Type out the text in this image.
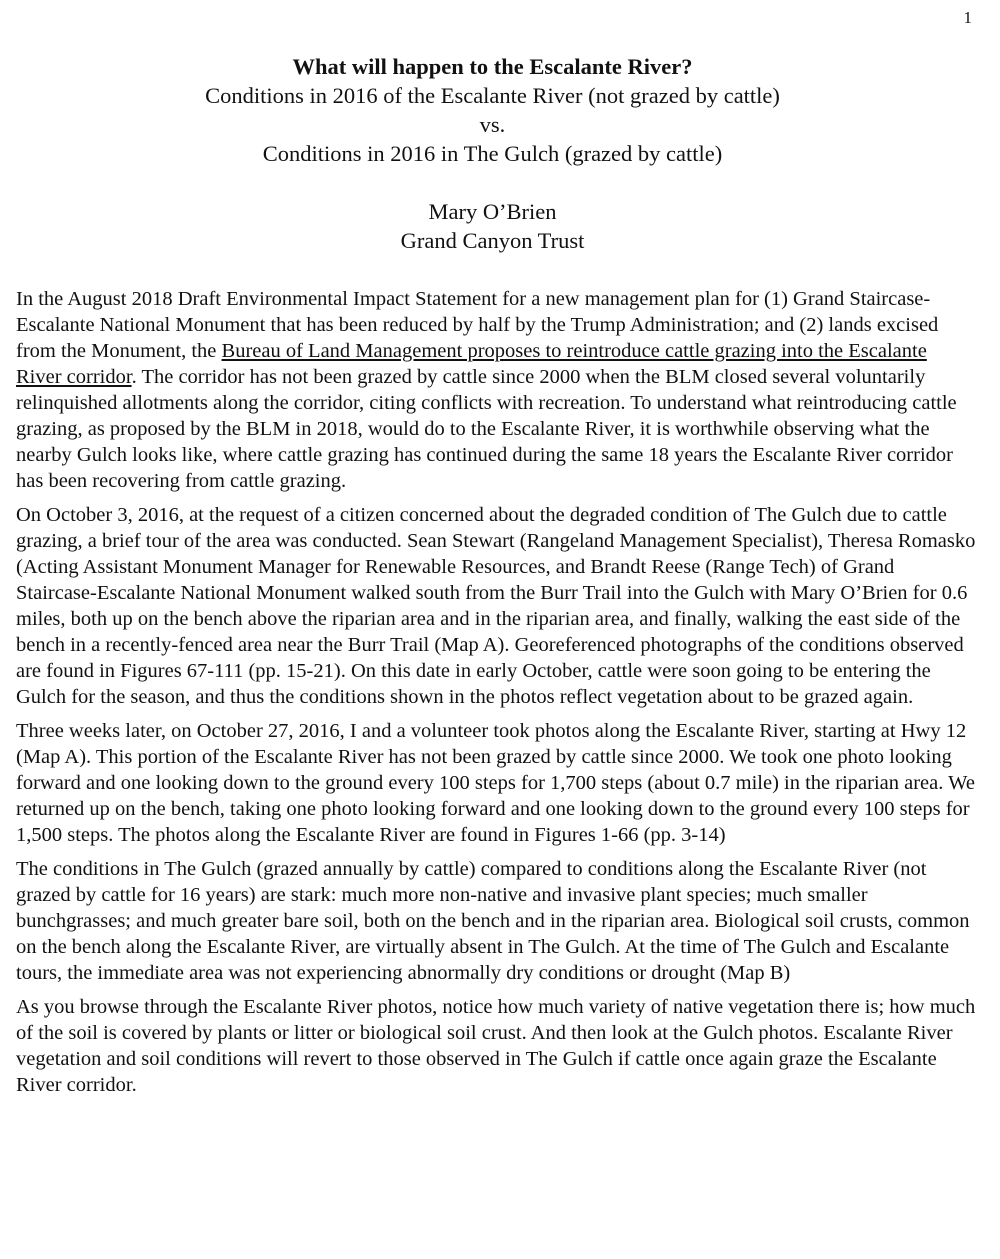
1
What will happen to the Escalante River?
Conditions in 2016 of the Escalante River (not grazed by cattle)
vs.
Conditions in 2016 in The Gulch (grazed by cattle)
Mary O’Brien
Grand Canyon Trust

In the August 2018 Draft Environmental Impact Statement for a new management plan for (1) Grand Staircase-Escalante National Monument that has been reduced by half by the Trump Administration; and (2) lands excised from the Monument, the Bureau of Land Management proposes to reintroduce cattle grazing into the Escalante River corridor. The corridor has not been grazed by cattle since 2000 when the BLM closed several voluntarily relinquished allotments along the corridor, citing conflicts with recreation. To understand what reintroducing cattle grazing, as proposed by the BLM in 2018, would do to the Escalante River, it is worthwhile observing what the nearby Gulch looks like, where cattle grazing has continued during the same 18 years the Escalante River corridor has been recovering from cattle grazing.

On October 3, 2016, at the request of a citizen concerned about the degraded condition of The Gulch due to cattle grazing, a brief tour of the area was conducted. Sean Stewart (Rangeland Management Specialist), Theresa Romasko (Acting Assistant Monument Manager for Renewable Resources, and Brandt Reese (Range Tech) of Grand Staircase-Escalante National Monument walked south from the Burr Trail into the Gulch with Mary O’Brien for 0.6 miles, both up on the bench above the riparian area and in the riparian area, and finally, walking the east side of the bench in a recently-fenced area near the Burr Trail (Map A). Georeferenced photographs of the conditions observed are found in Figures 67-111 (pp. 15-21). On this date in early October, cattle were soon going to be entering the Gulch for the season, and thus the conditions shown in the photos reflect vegetation about to be grazed again.

Three weeks later, on October 27, 2016, I and a volunteer took photos along the Escalante River, starting at Hwy 12 (Map A). This portion of the Escalante River has not been grazed by cattle since 2000. We took one photo looking forward and one looking down to the ground every 100 steps for 1,700 steps (about 0.7 mile) in the riparian area. We returned up on the bench, taking one photo looking forward and one looking down to the ground every 100 steps for 1,500 steps. The photos along the Escalante River are found in Figures 1-66 (pp. 3-14)

The conditions in The Gulch (grazed annually by cattle) compared to conditions along the Escalante River (not grazed by cattle for 16 years) are stark: much more non-native and invasive plant species; much smaller bunchgrasses; and much greater bare soil, both on the bench and in the riparian area. Biological soil crusts, common on the bench along the Escalante River, are virtually absent in The Gulch. At the time of The Gulch and Escalante tours, the immediate area was not experiencing abnormally dry conditions or drought (Map B)

As you browse through the Escalante River photos, notice how much variety of native vegetation there is; how much of the soil is covered by plants or litter or biological soil crust. And then look at the Gulch photos. Escalante River vegetation and soil conditions will revert to those observed in The Gulch if cattle once again graze the Escalante River corridor.
